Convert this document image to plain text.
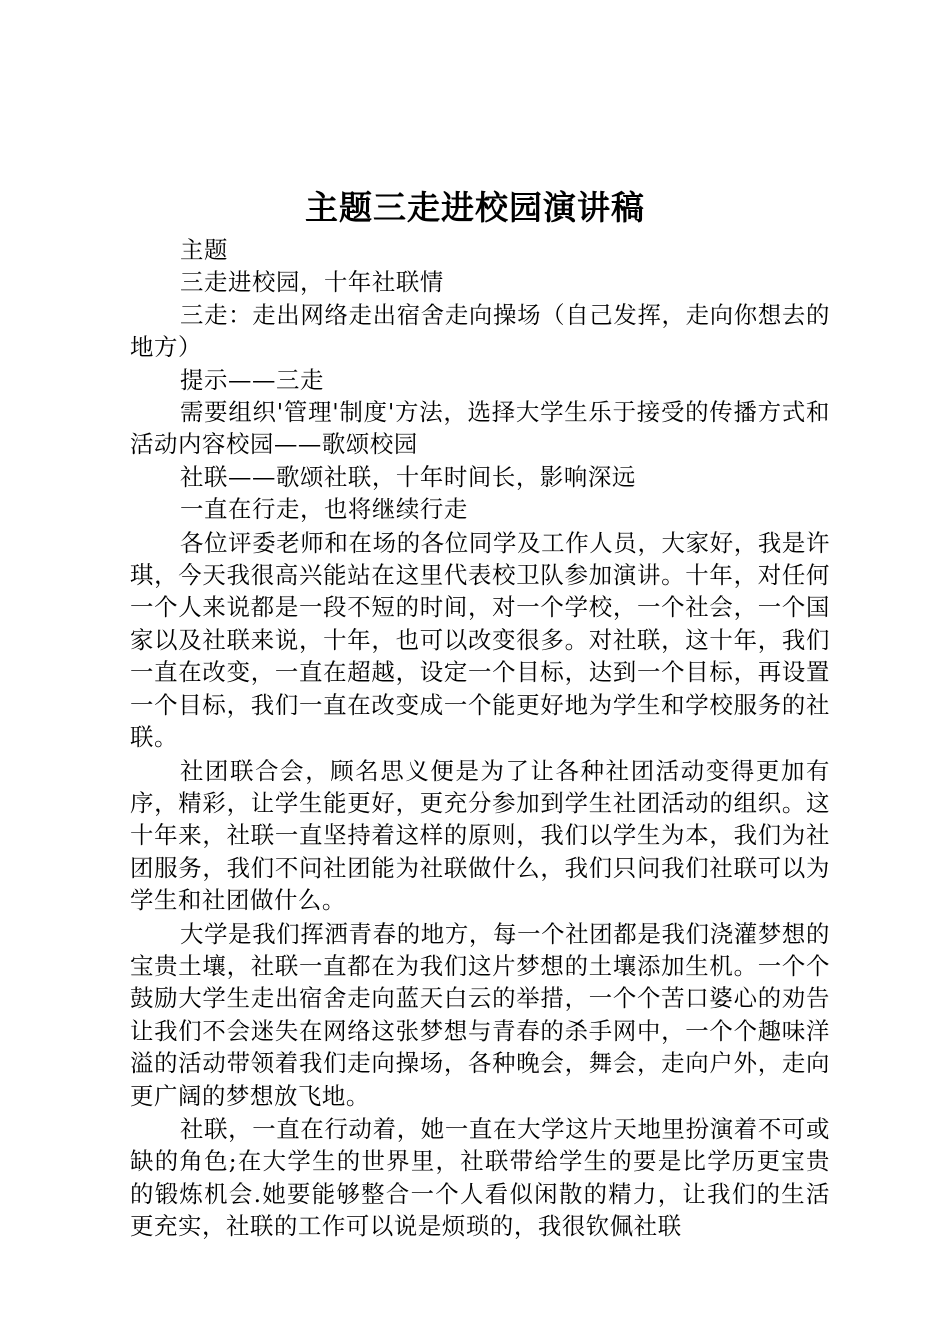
主题三走进校园演讲稿

主题

三走进校园，十年社联情

三走：走出网络走出宿舍走向操场（自己发挥，走向你想去的地方）

提示——三走

需要组织'管理'制度'方法，选择大学生乐于接受的传播方式和活动内容校园——歌颂校园

社联——歌颂社联，十年时间长，影响深远

一直在行走，也将继续行走

各位评委老师和在场的各位同学及工作人员，大家好，我是许琪，今天我很高兴能站在这里代表校卫队参加演讲。十年，对任何一个人来说都是一段不短的时间，对一个学校，一个社会，一个国家以及社联来说，十年，也可以改变很多。对社联，这十年，我们一直在改变，一直在超越，设定一个目标，达到一个目标，再设置一个目标，我们一直在改变成一个能更好地为学生和学校服务的社联。

社团联合会，顾名思义便是为了让各种社团活动变得更加有序，精彩，让学生能更好，更充分参加到学生社团活动的组织。这十年来，社联一直坚持着这样的原则，我们以学生为本，我们为社团服务，我们不问社团能为社联做什么，我们只问我们社联可以为学生和社团做什么。

大学是我们挥洒青春的地方，每一个社团都是我们浇灌梦想的宝贵土壤，社联一直都在为我们这片梦想的土壤添加生机。一个个鼓励大学生走出宿舍走向蓝天白云的举措，一个个苦口婆心的劝告让我们不会迷失在网络这张梦想与青春的杀手网中，一个个趣味洋溢的活动带领着我们走向操场，各种晚会，舞会，走向户外，走向更广阔的梦想放飞地。

社联，一直在行动着，她一直在大学这片天地里扮演着不可或缺的角色;在大学生的世界里，社联带给学生的要是比学历更宝贵的锻炼机会.她要能够整合一个人看似闲散的精力，让我们的生活更充实，社联的工作可以说是烦琐的，我很钦佩社联
